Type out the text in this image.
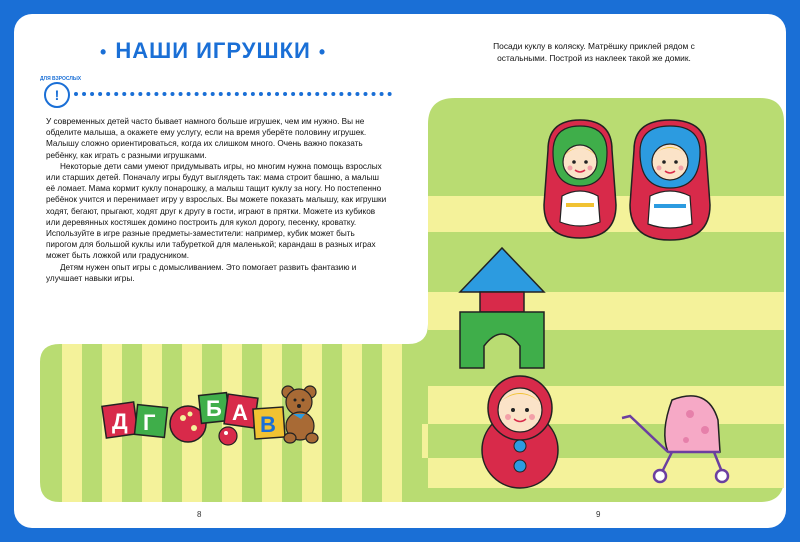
Д Г
Б А В
• НАШИ ИГРУШКИ •
ДЛЯ ВЗРОСЛЫХ
!

У современных детей часто бывает намного больше игрушек, чем им нужно. Вы не обделите малыша, а окажете ему услугу, если на время уберёте половину игрушек. Малышу сложно ориентироваться, когда их слишком много. Очень важно показать ребёнку, как играть с разными игрушками.

Некоторые дети сами умеют придумывать игры, но многим нужна помощь взрослых или старших детей. Поначалу игры будут выглядеть так: мама строит башню, а малыш её ломает. Мама кормит куклу понарошку, а малыш тащит куклу за ногу. Но постепенно ребёнок учится и перенимает игру у взрослых. Вы можете показать малышу, как игрушки ходят, бегают, прыгают, ходят друг к другу в гости, играют в прятки. Можете из кубиков или деревянных костяшек домино построить для кукол дорогу, песенку, кроватку. Используйте в игре разные предметы-заместители: например, кубик может быть пирогом для большой куклы или табуреткой для маленькой; карандаш в разных играх может быть ложкой или градусником.

Детям нужен опыт игры с домысливанием. Это помогает развить фантазию и улучшает навыки игры.

Посади куклу в коляску. Матрёшку приклей рядом с остальными. Построй из наклеек такой же домик.
8	9
